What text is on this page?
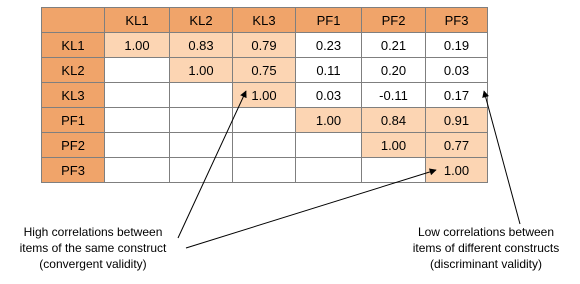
	KL1	KL2	KL3	PF1	PF2	PF3
KL1	1.00	0.83	0.79	0.23	0.21	0.19
KL2		1.00	0.75	0.11	0.20	0.03
KL3			1.00	0.03	-0.11	0.17
PF1				1.00	0.84	0.91
PF2					1.00	0.77
PF3						1.00
High correlations between
items of the same construct
(convergent validity)
Low correlations between
items of different constructs
(discriminant validity)
